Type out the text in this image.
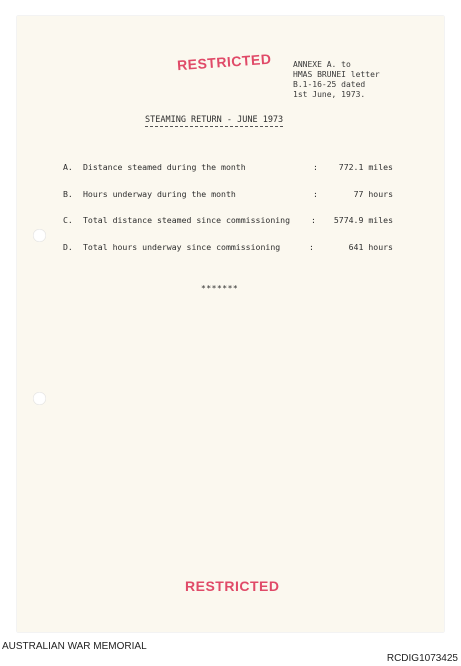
RESTRICTED	ANNEXE A. to
HMAS BRUNEI letter
B.1-16-25 dated
1st June, 1973.
STEAMING RETURN - JUNE 1973
A. Distance steamed during the month	:	772.1 miles
B. Hours underway during the month	:	77 hours
C. Total distance steamed since commissioning	: 5774.9 miles
D. Total hours underway since commissioning	:	641 hours
*******
RESTRICTED
AUSTRALIAN WAR MEMORIAL
RCDIG1073425
